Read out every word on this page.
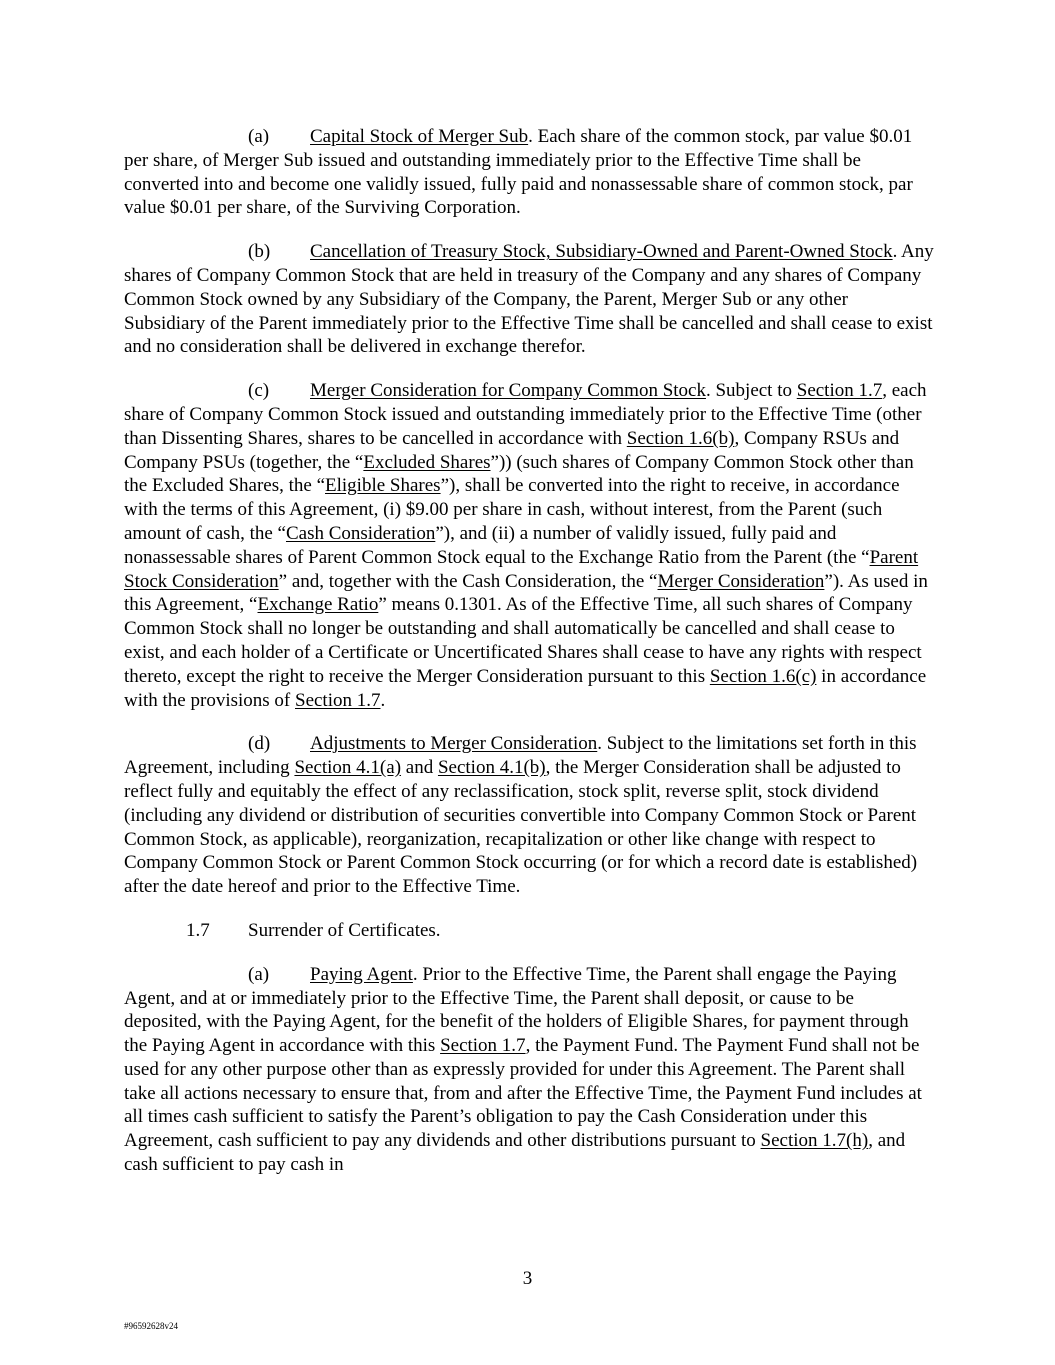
(a) Capital Stock of Merger Sub. Each share of the common stock, par value $0.01 per share, of Merger Sub issued and outstanding immediately prior to the Effective Time shall be converted into and become one validly issued, fully paid and nonassessable share of common stock, par value $0.01 per share, of the Surviving Corporation.

(b) Cancellation of Treasury Stock, Subsidiary-Owned and Parent-Owned Stock. Any shares of Company Common Stock that are held in treasury of the Company and any shares of Company Common Stock owned by any Subsidiary of the Company, the Parent, Merger Sub or any other Subsidiary of the Parent immediately prior to the Effective Time shall be cancelled and shall cease to exist and no consideration shall be delivered in exchange therefor.

(c) Merger Consideration for Company Common Stock. Subject to Section 1.7, each share of Company Common Stock issued and outstanding immediately prior to the Effective Time (other than Dissenting Shares, shares to be cancelled in accordance with Section 1.6(b), Company RSUs and Company PSUs (together, the “Excluded Shares”)) (such shares of Company Common Stock other than the Excluded Shares, the “Eligible Shares”), shall be converted into the right to receive, in accordance with the terms of this Agreement, (i) $9.00 per share in cash, without interest, from the Parent (such amount of cash, the “Cash Consideration”), and (ii) a number of validly issued, fully paid and nonassessable shares of Parent Common Stock equal to the Exchange Ratio from the Parent (the “Parent Stock Consideration” and, together with the Cash Consideration, the “Merger Consideration”). As used in this Agreement, “Exchange Ratio” means 0.1301. As of the Effective Time, all such shares of Company Common Stock shall no longer be outstanding and shall automatically be cancelled and shall cease to exist, and each holder of a Certificate or Uncertificated Shares shall cease to have any rights with respect thereto, except the right to receive the Merger Consideration pursuant to this Section 1.6(c) in accordance with the provisions of Section 1.7.

(d) Adjustments to Merger Consideration. Subject to the limitations set forth in this Agreement, including Section 4.1(a) and Section 4.1(b), the Merger Consideration shall be adjusted to reflect fully and equitably the effect of any reclassification, stock split, reverse split, stock dividend (including any dividend or distribution of securities convertible into Company Common Stock or Parent Common Stock, as applicable), reorganization, recapitalization or other like change with respect to Company Common Stock or Parent Common Stock occurring (or for which a record date is established) after the date hereof and prior to the Effective Time.

1.7 Surrender of Certificates.

(a) Paying Agent. Prior to the Effective Time, the Parent shall engage the Paying Agent, and at or immediately prior to the Effective Time, the Parent shall deposit, or cause to be deposited, with the Paying Agent, for the benefit of the holders of Eligible Shares, for payment through the Paying Agent in accordance with this Section 1.7, the Payment Fund. The Payment Fund shall not be used for any other purpose other than as expressly provided for under this Agreement. The Parent shall take all actions necessary to ensure that, from and after the Effective Time, the Payment Fund includes at all times cash sufficient to satisfy the Parent’s obligation to pay the Cash Consideration under this Agreement, cash sufficient to pay any dividends and other distributions pursuant to Section 1.7(h), and cash sufficient to pay cash in

3
#96592628v24
